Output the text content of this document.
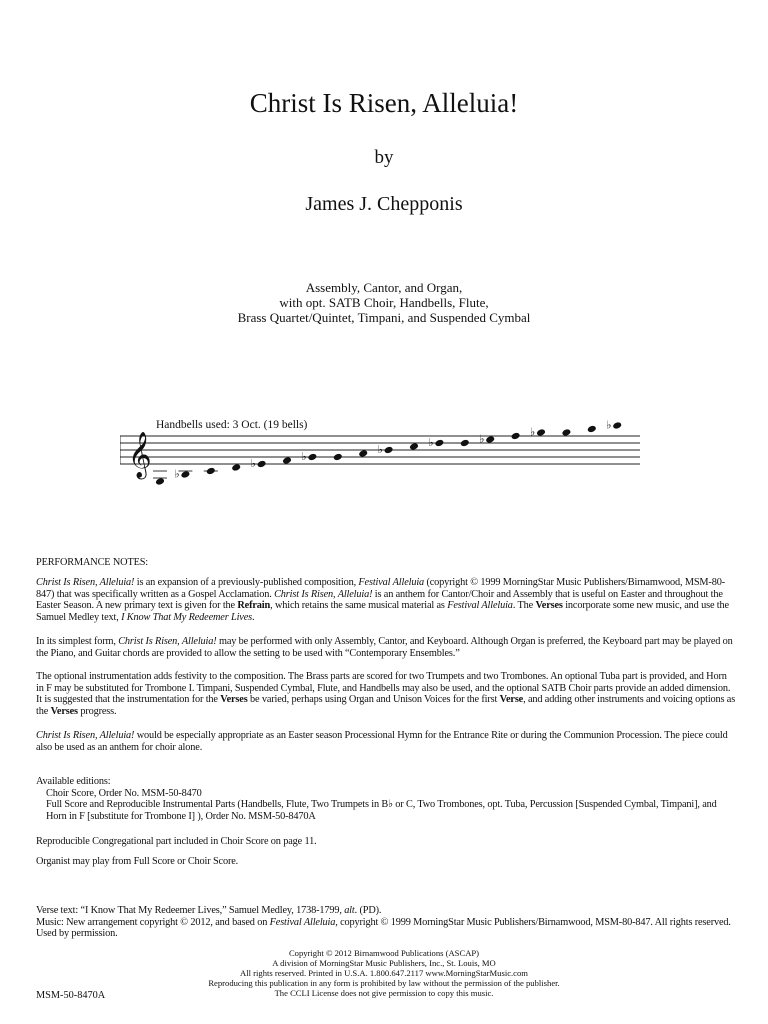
Christ Is Risen, Alleluia!
by
James J. Chepponis
Assembly, Cantor, and Organ,
with opt. SATB Choir, Handbells, Flute,
Brass Quartet/Quintet, Timpani, and Suspended Cymbal
Handbells used: 3 Oct. (19 bells)
𝄞 ♭
♭
♭
♭
♭	♭
♭
♭
PERFORMANCE NOTES:

Christ Is Risen, Alleluia! is an expansion of a previously-published composition, Festival Alleluia (copyright © 1999 MorningStar Music Publishers/Birnamwood, MSM-80-847) that was specifically written as a Gospel Acclamation. Christ Is Risen, Alleluia! is an anthem for Cantor/Choir and Assembly that is useful on Easter and throughout the Easter Season. A new primary text is given for the Refrain, which retains the same musical material as Festival Alleluia. The Verses incorporate some new music, and use the Samuel Medley text, I Know That My Redeemer Lives.

In its simplest form, Christ Is Risen, Alleluia! may be performed with only Assembly, Cantor, and Keyboard. Although Organ is preferred, the Keyboard part may be played on the Piano, and Guitar chords are provided to allow the setting to be used with “Contemporary Ensembles.”

The optional instrumentation adds festivity to the composition. The Brass parts are scored for two Trumpets and two Trombones. An optional Tuba part is provided, and Horn in F may be substituted for Trombone I. Timpani, Suspended Cymbal, Flute, and Handbells may also be used, and the optional SATB Choir parts provide an added dimension. It is suggested that the instrumentation for the Verses be varied, perhaps using Organ and Unison Voices for the first Verse, and adding other instruments and voicing options as the Verses progress.

Christ Is Risen, Alleluia! would be especially appropriate as an Easter season Processional Hymn for the Entrance Rite or during the Communion Procession. The piece could also be used as an anthem for choir alone.

Available editions:

Choir Score, Order No. MSM-50-8470

Full Score and Reproducible Instrumental Parts (Handbells, Flute, Two Trumpets in B♭ or C, Two Trombones, opt. Tuba, Percussion [Suspended Cymbal, Timpani], and Horn in F [substitute for Trombone I] ), Order No. MSM-50-8470A

Reproducible Congregational part included in Choir Score on page 11.
Organist may play from Full Score or Choir Score.

Verse text: “I Know That My Redeemer Lives,” Samuel Medley, 1738-1799, alt. (PD).

Music: New arrangement copyright © 2012, and based on Festival Alleluia, copyright © 1999 MorningStar Music Publishers/Birnamwood, MSM-80-847. All rights reserved. Used by permission.

Copyright © 2012 Birnamwood Publications (ASCAP)
A division of MorningStar Music Publishers, Inc., St. Louis, MO
All rights reserved. Printed in U.S.A. 1.800.647.2117 www.MorningStarMusic.com
Reproducing this publication in any form is prohibited by law without the permission of the publisher.
The CCLI License does not give permission to copy this music.
MSM-50-8470A
